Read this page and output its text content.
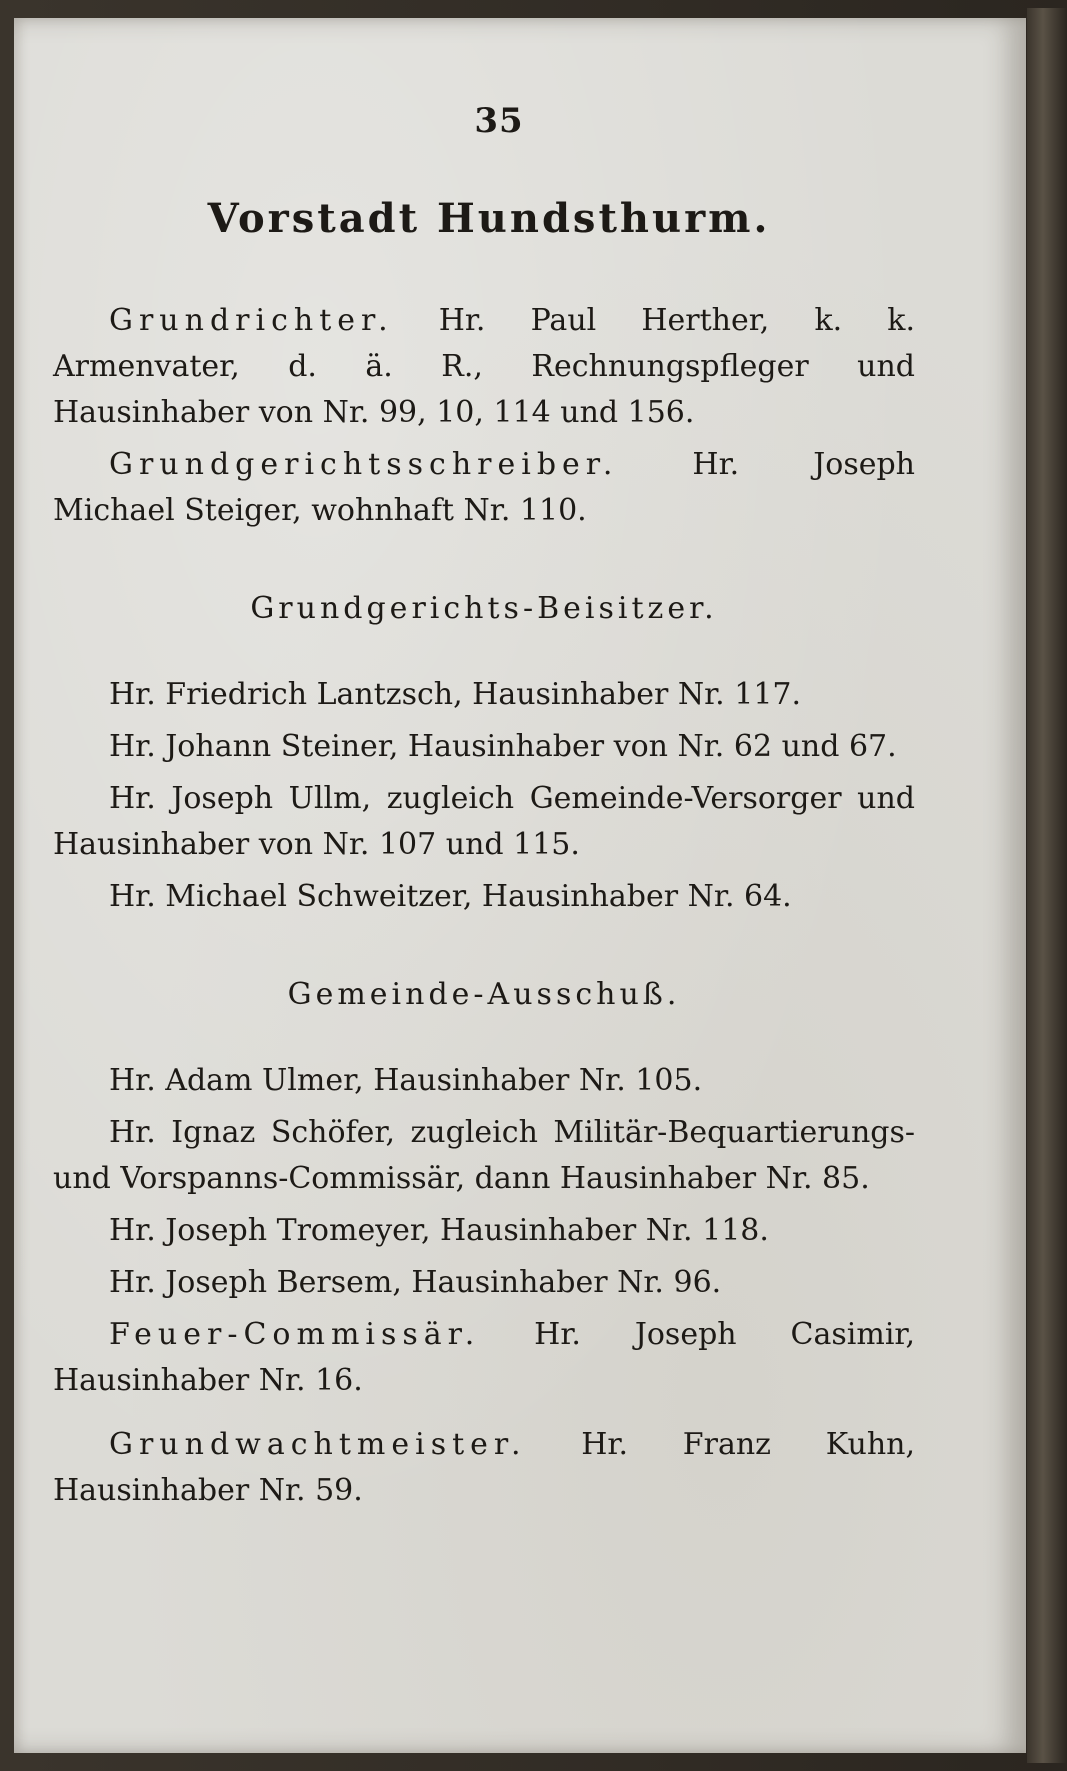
35
Vorstadt Hundsthurm.

Grundrichter. Hr. Paul Herther, k. k. Armenvater, d. ä. R., Rechnungspfleger und Hausinhaber von Nr. 99, 10, 114 und 156.

Grundgerichtsschreiber. Hr. Joseph Michael Steiger, wohnhaft Nr. 110.

Grundgerichts-Beisitzer.

Hr. Friedrich Lantzsch, Hausinhaber Nr. 117.

Hr. Johann Steiner, Hausinhaber von Nr. 62 und 67.

Hr. Joseph Ullm, zugleich Gemeinde-Versorger und Hausinhaber von Nr. 107 und 115.

Hr. Michael Schweitzer, Hausinhaber Nr. 64.

Gemeinde-Ausschuß.

Hr. Adam Ulmer, Hausinhaber Nr. 105.

Hr. Ignaz Schöfer, zugleich Militär-Bequartierungs- und Vorspanns-Commissär, dann Hausinhaber Nr. 85.

Hr. Joseph Tromeyer, Hausinhaber Nr. 118.

Hr. Joseph Bersem, Hausinhaber Nr. 96.

Feuer-Commissär. Hr. Joseph Casimir, Hausinhaber Nr. 16.

Grundwachtmeister. Hr. Franz Kuhn, Hausinhaber Nr. 59.
